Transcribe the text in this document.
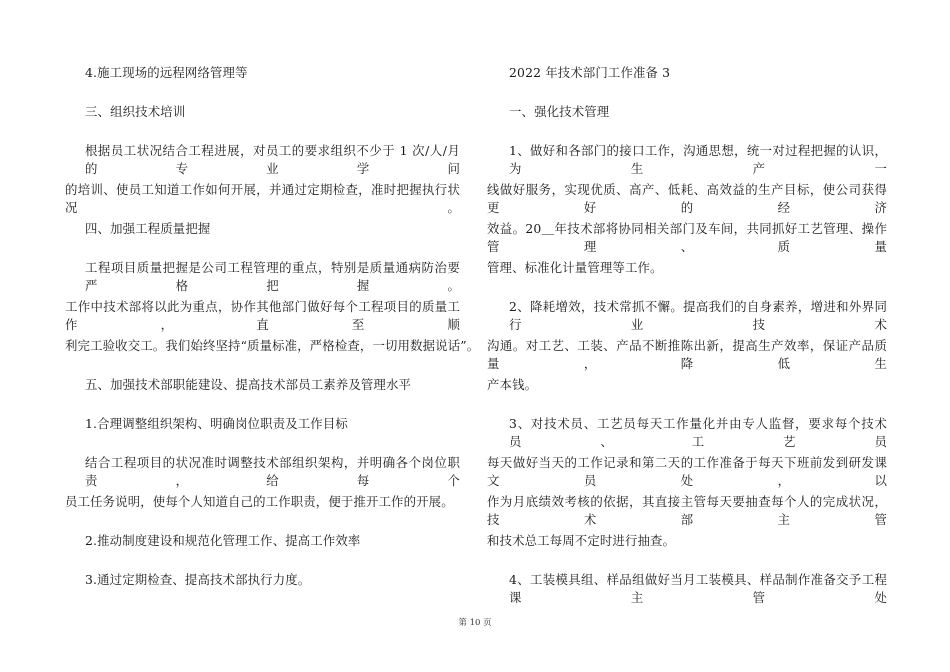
4.施工现场的远程网络管理等
三、组织技术培训
根据员工状况结合工程进展，对员工的要求组织不少于 1 次/人/月的专业学问
的培训、使员工知道工作如何开展，并通过定期检查，准时把握执行状况。
四、加强工程质量把握
工程项目质量把握是公司工程管理的重点，特别是质量通病防治要严格把握。
工作中技术部将以此为重点，协作其他部门做好每个工程项目的质量工作，直至顺
利完工验收交工。我们始终坚持“质量标准，严格检查，一切用数据说话”。
五、加强技术部职能建设、提高技术部员工素养及管理水平
1.合理调整组织架构、明确岗位职责及工作目标
结合工程项目的状况准时调整技术部组织架构，并明确各个岗位职责，给每个
员工任务说明，使每个人知道自己的工作职责，便于推开工作的开展。
2.推动制度建设和规范化管理工作、提高工作效率
3.通过定期检查、提高技术部执行力度。
2022 年技术部门工作准备 3
一、强化技术管理
1、做好和各部门的接口工作，沟通思想，统一对过程把握的认识，为生产一
线做好服务，实现优质、高产、低耗、高效益的生产目标，使公司获得更好的经济
效益。20＿年技术部将协同相关部门及车间，共同抓好工艺管理、操作管理、质量
管理、标准化计量管理等工作。
2、降耗增效，技术常抓不懈。提高我们的自身素养，增进和外界同行业技术
沟通。对工艺、工装、产品不断推陈出新，提高生产效率，保证产品质量，降低生
产本钱。
3、对技术员、工艺员每天工作量化并由专人监督，要求每个技术员、工艺员
每天做好当天的工作记录和第二天的工作准备于每天下班前发到研发课文员处，以
作为月底绩效考核的依据，其直接主管每天要抽查每个人的完成状况，技术部主管
和技术总工每周不定时进行抽查。
4、工装模具组、样品组做好当月工装模具、样品制作准备交予工程课主管处
第 10 页
